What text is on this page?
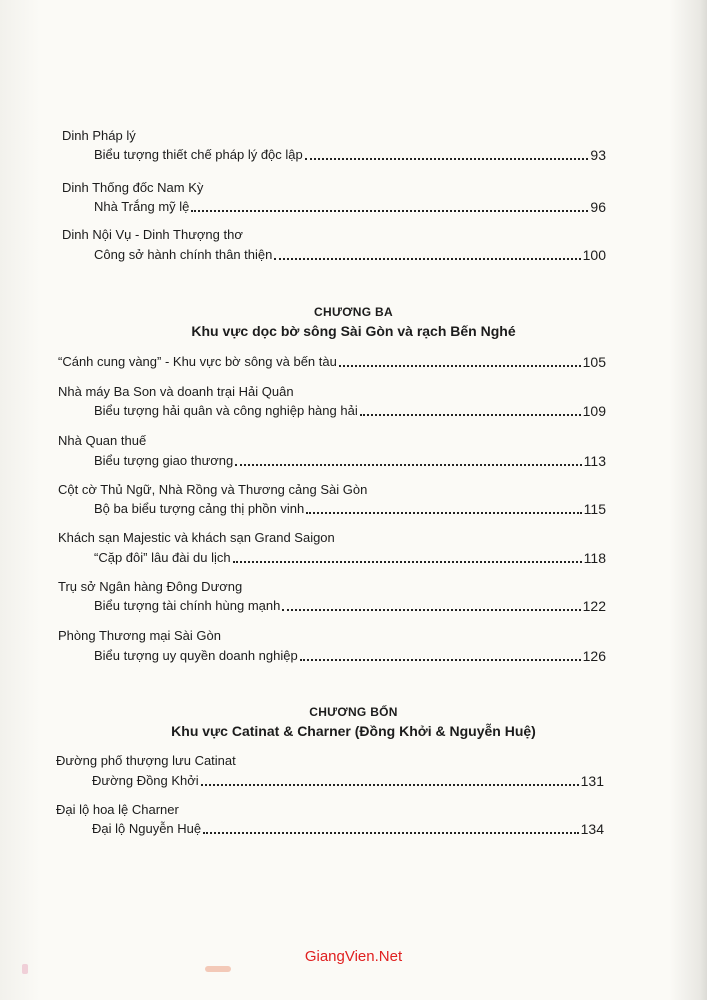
Dinh Pháp lý
Biểu tượng thiết chế pháp lý độc lập	93
Dinh Thống đốc Nam Kỳ
Nhà Trắng mỹ lệ	96
Dinh Nội Vụ - Dinh Thượng thơ
Công sở hành chính thân thiện	100
CHƯƠNG BA
Khu vực dọc bờ sông Sài Gòn và rạch Bến Nghé
“Cánh cung vàng” - Khu vực bờ sông và bến tàu	105
Nhà máy Ba Son và doanh trại Hải Quân
Biểu tượng hải quân và công nghiệp hàng hải	109
Nhà Quan thuế
Biểu tượng giao thương	113
Cột cờ Thủ Ngữ, Nhà Rồng và Thương cảng Sài Gòn
Bộ ba biểu tượng cảng thị phồn vinh	115
Khách sạn Majestic và khách sạn Grand Saigon
“Cặp đôi” lâu đài du lịch	118
Trụ sở Ngân hàng Đông Dương
Biểu tượng tài chính hùng mạnh	122
Phòng Thương mại Sài Gòn
Biểu tượng uy quyền doanh nghiệp	126
CHƯƠNG BỐN
Khu vực Catinat & Charner (Đồng Khởi & Nguyễn Huệ)
Đường phố thượng lưu Catinat
Đường Đồng Khởi	131
Đại lộ hoa lệ Charner
Đại lộ Nguyễn Huệ	134
GiangVien.Net
